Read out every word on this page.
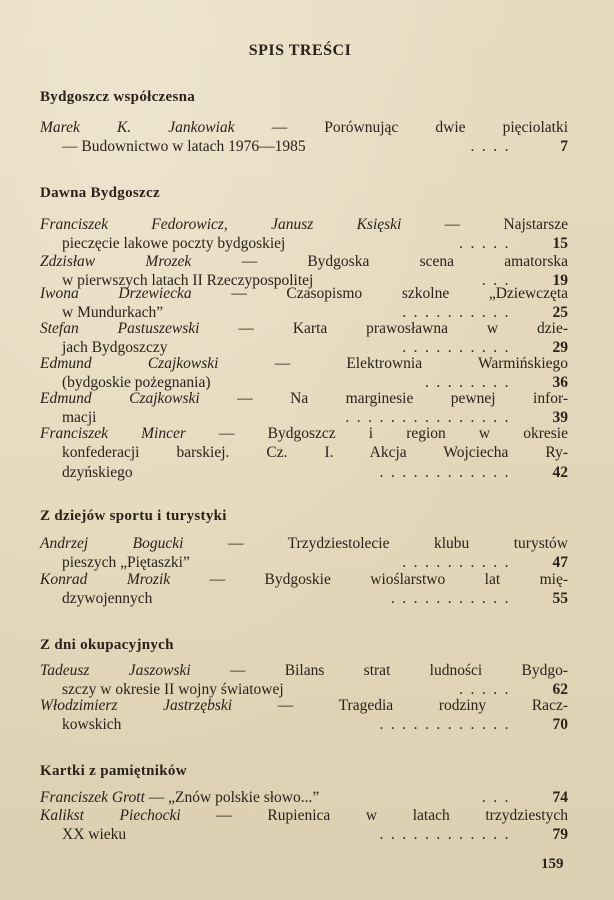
SPIS TREŚCI
Bydgoszcz współczesna
Marek K. Jankowiak — Porównując dwie pięciolatki
— Budownictwo w latach 1976—1985	....	7
Dawna Bydgoszcz
Franciszek Fedorowicz, Janusz Księski — Najstarsze
pieczęcie lakowe poczty bydgoskiej	..... 15
Zdzisław Mrozek — Bydgoska scena amatorska
w pierwszych latach II Rzeczypospolitej	... 19
Iwona Drzewiecka — Czasopismo szkolne „Dziewczęta
w Mundurkach”	.......... 25
Stefan Pastuszewski — Karta prawosławna w dzie-
jach Bydgoszczy	.......... 29
Edmund Czajkowski — Elektrownia Warmińskiego
(bydgoskie pożegnania)	........ 36
Edmund Czajkowski — Na marginesie pewnej infor-
macji	............... 39
Franciszek Mincer — Bydgoszcz i region w okresie
konfederacji barskiej. Cz. I. Akcja Wojciecha Ry-
dzyńskiego	............ 42
Z dziejów sportu i turystyki
Andrzej Bogucki — Trzydziestolecie klubu turystów
pieszych „Piętaszki”	.......... 47
Konrad Mrozik — Bydgoskie wioślarstwo lat mię-
dzywojennych	........... 55
Z dni okupacyjnych
Tadeusz Jaszowski — Bilans strat ludności Bydgo-
szczy w okresie II wojny światowej	..... 62
Włodzimierz Jastrzębski — Tragedia rodziny Racz-
kowskich	............ 70
Kartki z pamiętników
Franciszek Grott — „Znów polskie słowo...”	... 74
Kalikst Piechocki — Rupienica w latach trzydziestych
XX wieku	............ 79
159
